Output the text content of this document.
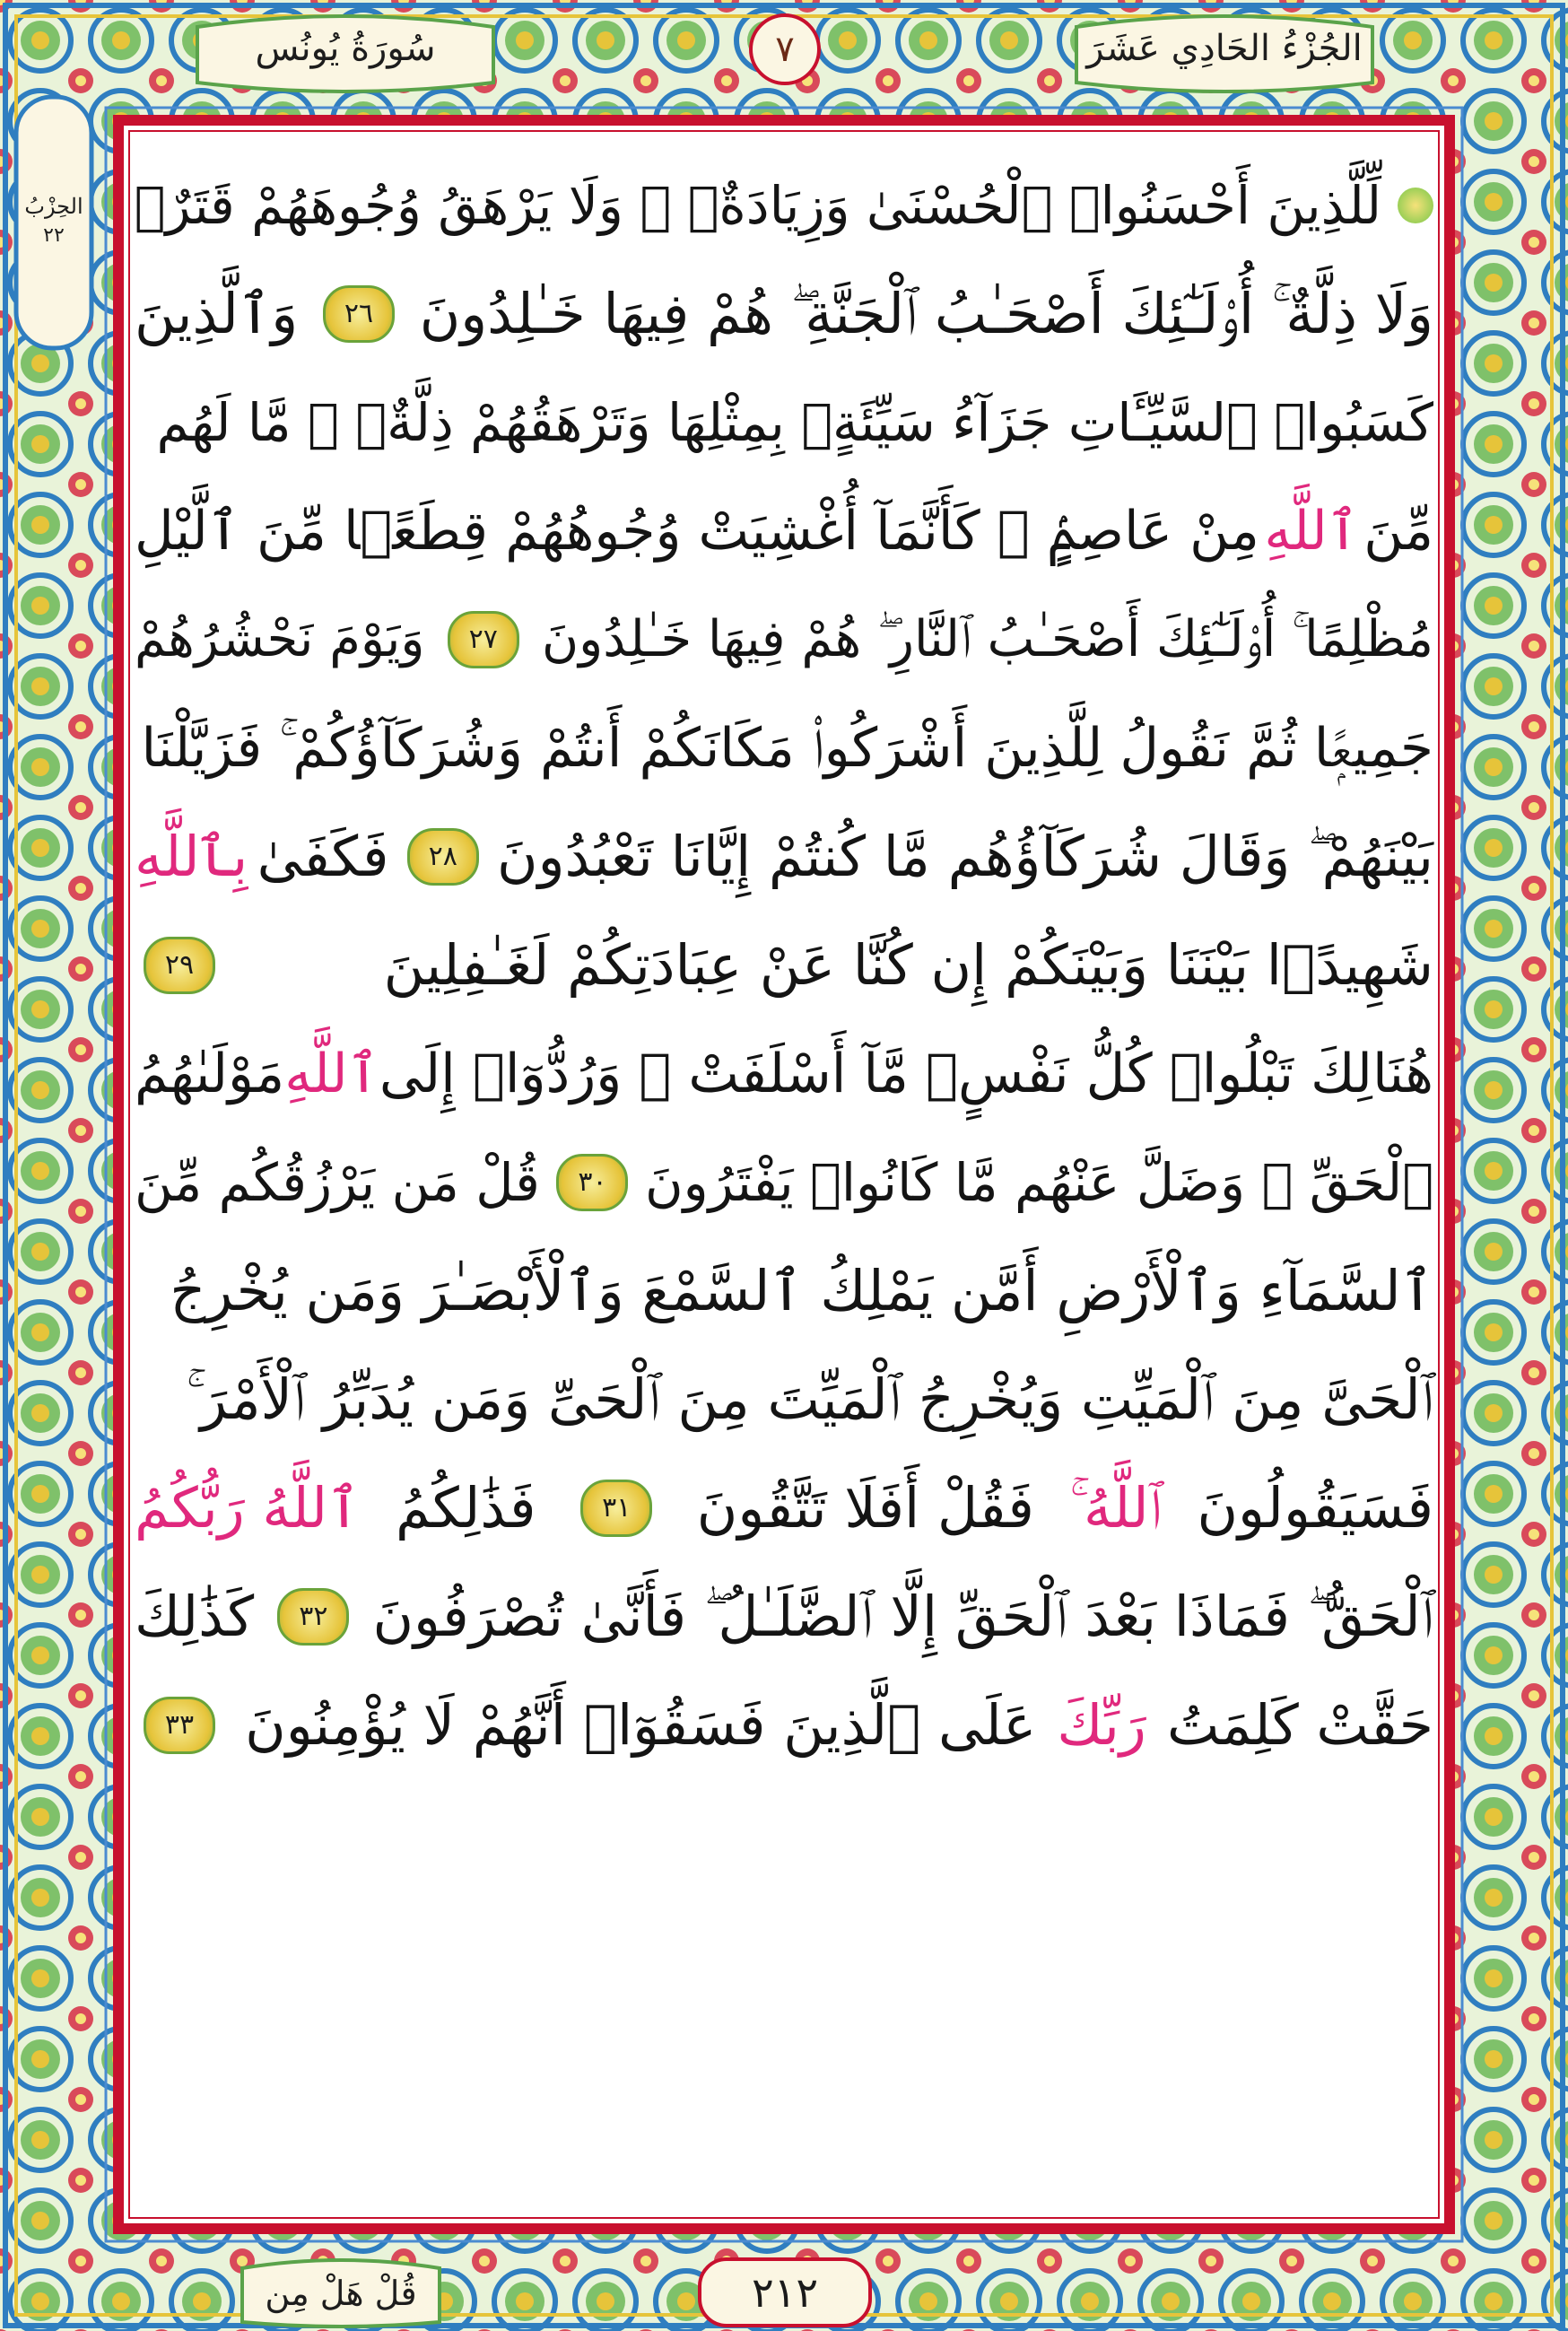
سُورَةُ يُونُس	الجُزْءُ الحَادِي عَشَرَ
٧
الحِزْبُ
٢٢ لِّلَّذِينَ أَحْسَنُوا۟ ٱلْحُسْنَىٰ وَزِيَادَةٌۭ ۖ وَلَا يَرْهَقُ وُجُوهَهُمْ قَتَرٌۭ
وَلَا ذِلَّةٌ ۚ أُو۟لَـٰٓئِكَ أَصْحَـٰبُ ٱلْجَنَّةِ ۖ هُمْ فِيهَا خَـٰلِدُونَ
٢٦
وَٱلَّذِينَ
كَسَبُوا۟ ٱلسَّيِّـَٔاتِ جَزَآءُ سَيِّئَةٍۭ بِمِثْلِهَا وَتَرْهَقُهُمْ ذِلَّةٌۭ ۖ مَّا لَهُم
مِّنَ
ٱللَّهِ
مِنْ عَاصِمٍۢ ۖ كَأَنَّمَآ أُغْشِيَتْ وُجُوهُهُمْ قِطَعًۭا مِّنَ ٱلَّيْلِ
مُظْلِمًا ۚ أُو۟لَـٰٓئِكَ أَصْحَـٰبُ ٱلنَّارِ ۖ هُمْ فِيهَا خَـٰلِدُونَ
٢٧
وَيَوْمَ نَحْشُرُهُمْ
جَمِيعًۭا ثُمَّ نَقُولُ لِلَّذِينَ أَشْرَكُوا۟ مَكَانَكُمْ أَنتُمْ وَشُرَكَآؤُكُمْ ۚ فَزَيَّلْنَا
بَيْنَهُمْ ۖ وَقَالَ شُرَكَآؤُهُم مَّا كُنتُمْ إِيَّانَا تَعْبُدُونَ
٢٨
فَكَفَىٰ
بِٱللَّهِ
شَهِيدًۢا بَيْنَنَا وَبَيْنَكُمْ إِن كُنَّا عَنْ عِبَادَتِكُمْ لَغَـٰفِلِينَ
٢٩
هُنَالِكَ تَبْلُوا۟ كُلُّ نَفْسٍۢ مَّآ أَسْلَفَتْ ۚ وَرُدُّوٓا۟ إِلَى
ٱللَّهِ
مَوْلَىٰهُمُ
ٱلْحَقِّ ۖ وَضَلَّ عَنْهُم مَّا كَانُوا۟ يَفْتَرُونَ
٣٠
قُلْ مَن يَرْزُقُكُم مِّنَ
ٱلسَّمَآءِ وَٱلْأَرْضِ أَمَّن يَمْلِكُ ٱلسَّمْعَ وَٱلْأَبْصَـٰرَ وَمَن يُخْرِجُ
ٱلْحَىَّ مِنَ ٱلْمَيِّتِ وَيُخْرِجُ ٱلْمَيِّتَ مِنَ ٱلْحَىِّ وَمَن يُدَبِّرُ ٱلْأَمْرَ ۚ
فَسَيَقُولُونَ
ٱللَّهُ ۚ
فَقُلْ أَفَلَا تَتَّقُونَ
٣١
فَذَٰلِكُمُ
ٱللَّهُ رَبُّكُمُ
ٱلْحَقُّ ۖ فَمَاذَا بَعْدَ ٱلْحَقِّ إِلَّا ٱلضَّلَـٰلُ ۖ فَأَنَّىٰ تُصْرَفُونَ
٣٢
كَذَٰلِكَ
حَقَّتْ كَلِمَتُ
رَبِّكَ
عَلَى ٱلَّذِينَ فَسَقُوٓا۟ أَنَّهُمْ لَا يُؤْمِنُونَ
٣٣
٢١٢
قُلْ هَلْ مِن
